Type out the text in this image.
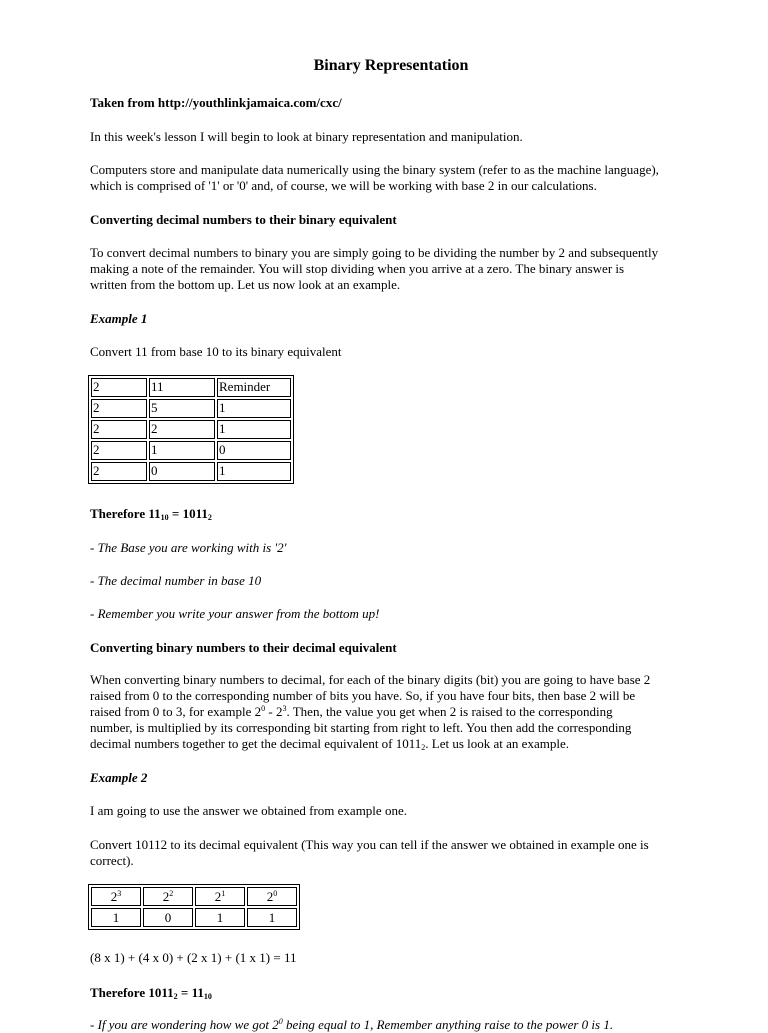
Binary Representation

Taken from http://youthlinkjamaica.com/cxc/

In this week's lesson I will begin to look at binary representation and manipulation.

Computers store and manipulate data numerically using the binary system (refer to as the machine language),
which is comprised of '1' or '0' and, of course, we will be working with base 2 in our calculations.

Converting decimal numbers to their binary equivalent

To convert decimal numbers to binary you are simply going to be dividing the number by 2 and subsequently
making a note of the remainder. You will stop dividing when you arrive at a zero. The binary answer is
written from the bottom up. Let us now look at an example.

Example 1

Convert 11 from base 10 to its binary equivalent

2	11	Reminder
2	5	1
2	2	1
2	1	0
2	0	1

Therefore $11_{10} = 1011_2$

- The Base you are working with is '2'

- The decimal number in base 10

- Remember you write your answer from the bottom up!

Converting binary numbers to their decimal equivalent

When converting binary numbers to decimal, for each of the binary digits (bit) you are going to have base 2
raised from 0 to the corresponding number of bits you have. So, if you have four bits, then base 2 will be
raised from 0 to 3, for example $2^0 - 2^3$. Then, the value you get when 2 is raised to the corresponding
number, is multiplied by its corresponding bit starting from right to left. You then add the corresponding
decimal numbers together to get the decimal equivalent of $1011_2$. Let us look at an example.

Example 2

I am going to use the answer we obtained from example one.

Convert 10112 to its decimal equivalent (This way you can tell if the answer we obtained in example one is
correct).
$2^3$	$2^2$	$2^1$	$2^0$
1	0	1	1

(8 x 1) + (4 x 0) + (2 x 1) + (1 x 1) = 11

Therefore $1011_2 = 11_{10}$

- If you are wondering how we got $2^0$ being equal to 1, Remember anything raise to the power 0 is 1.
